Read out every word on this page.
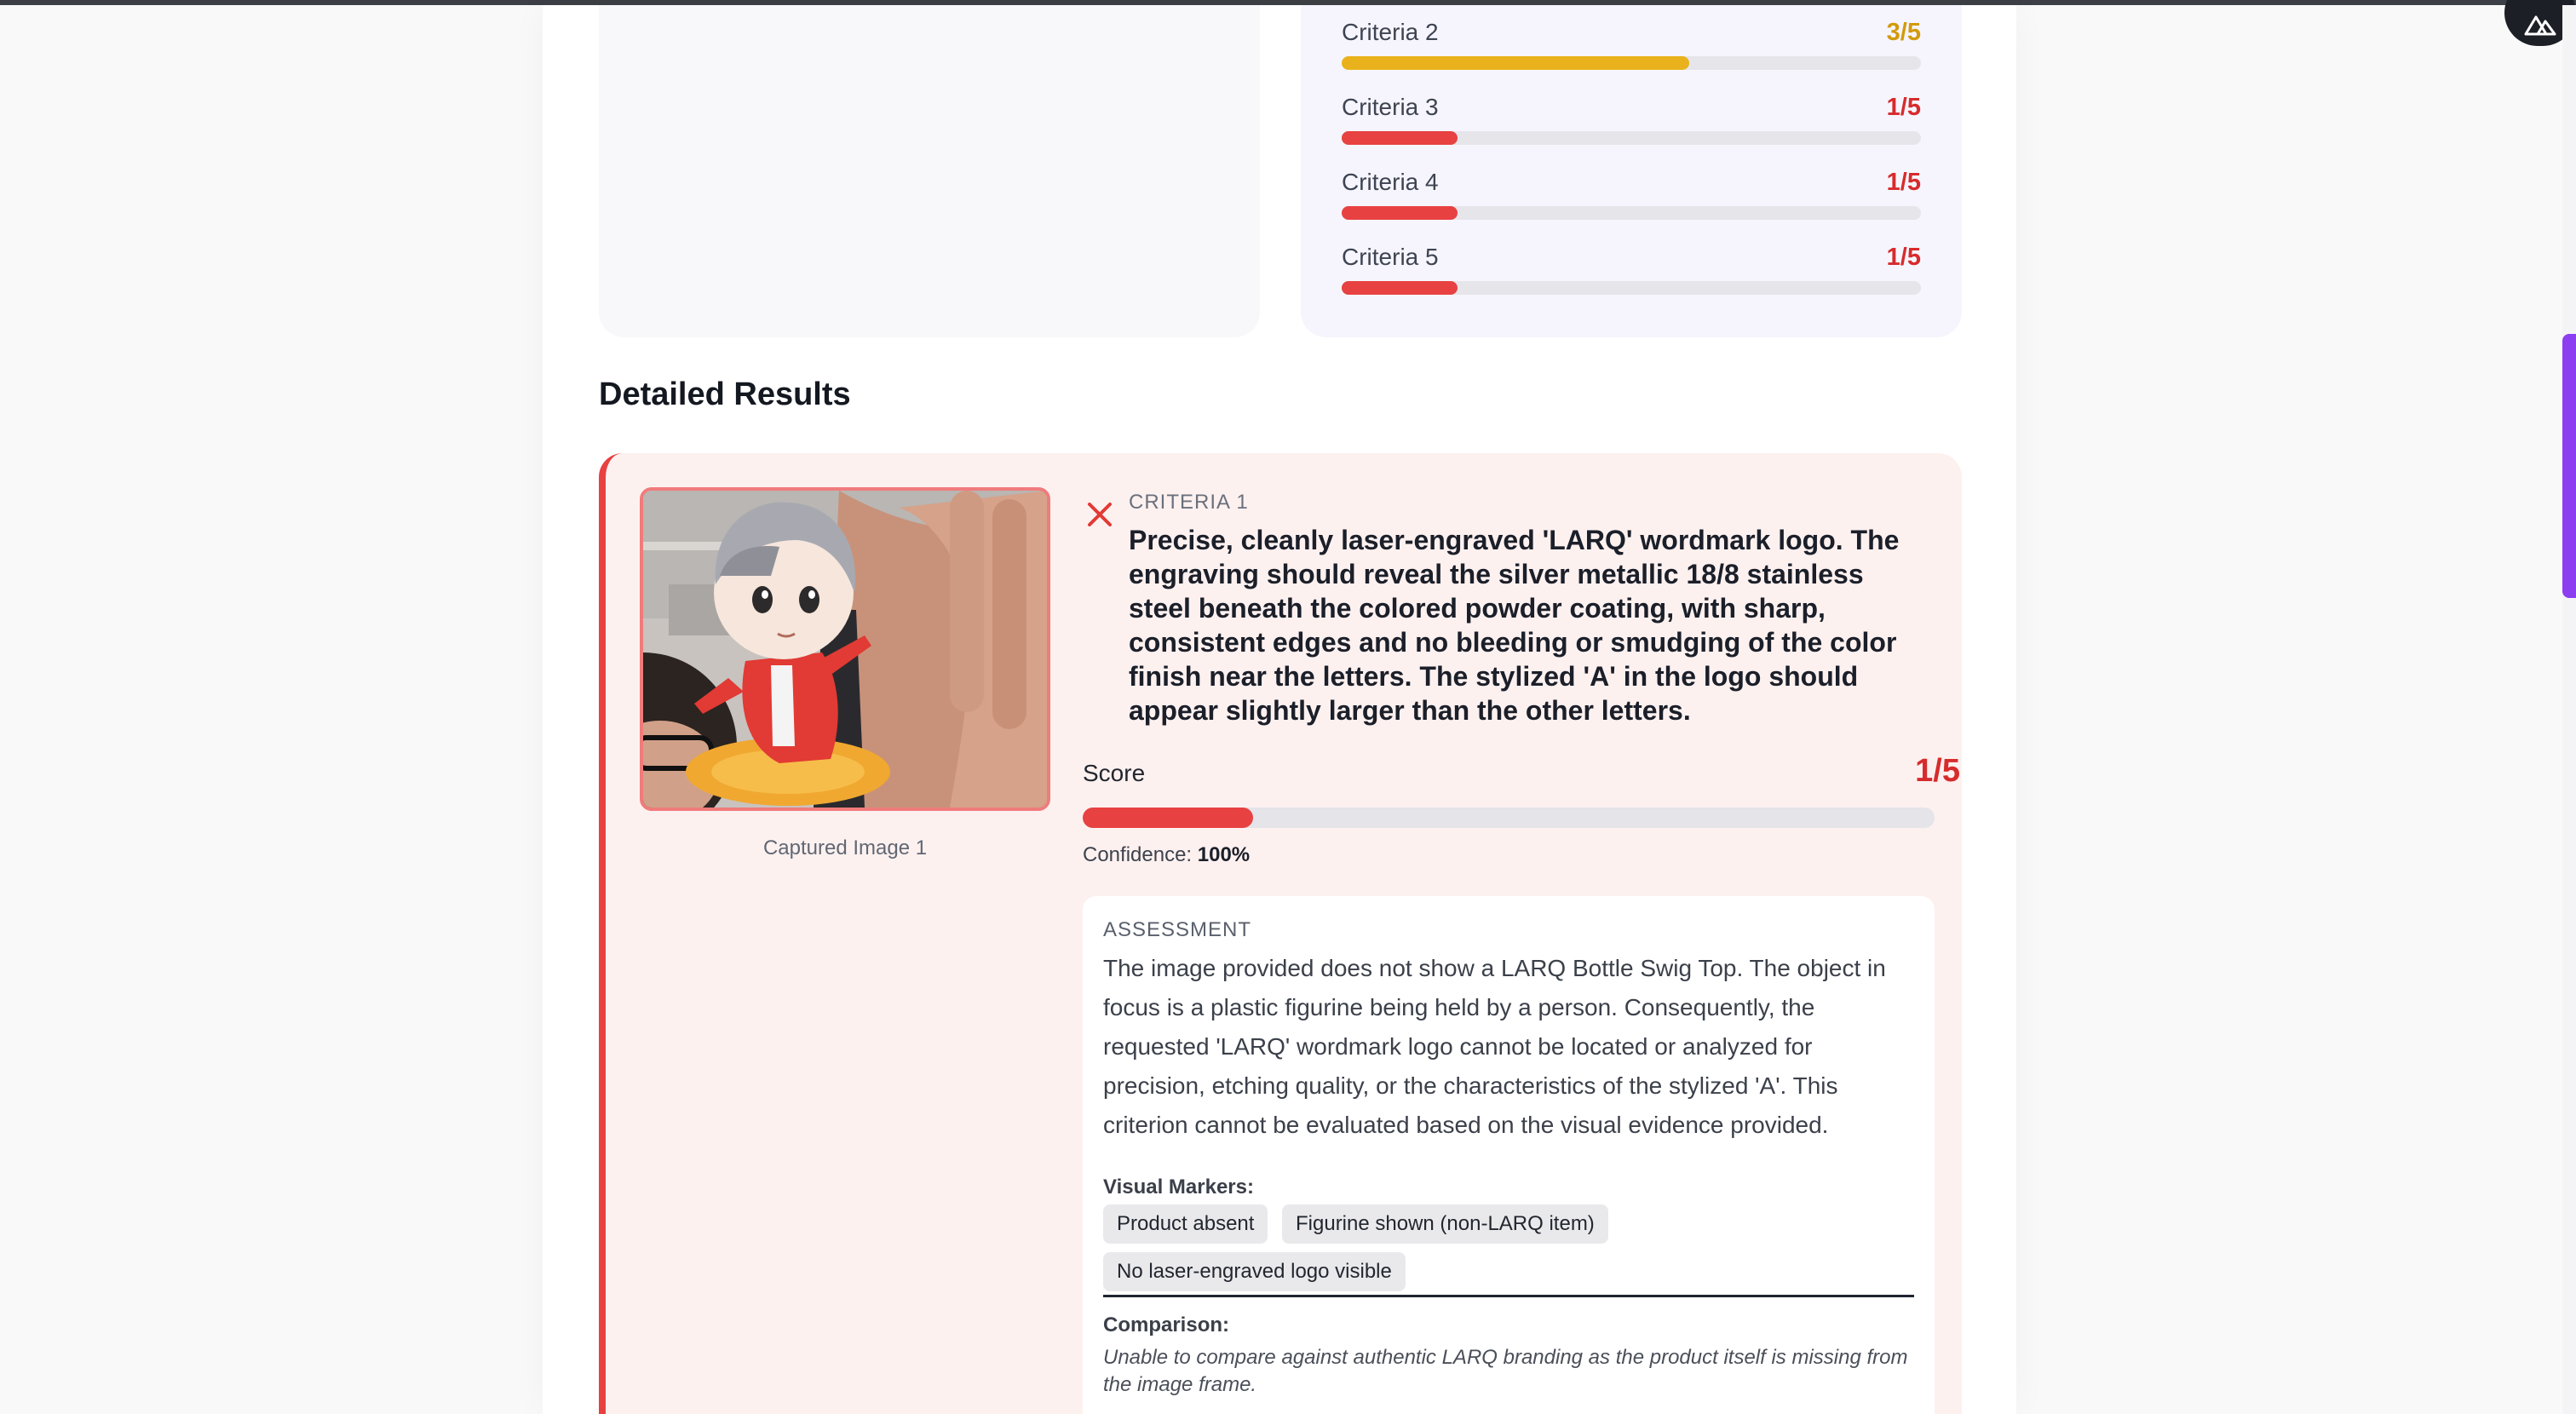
Criteria 2	3/5
Criteria 3	1/5
Criteria 4	1/5
Criteria 5	1/5
Detailed Results
Captured Image 1
CRITERIA 1

Precise, cleanly laser-engraved 'LARQ' wordmark logo. The engraving should reveal the silver metallic 18/8 stainless steel beneath the colored powder coating, with sharp, consistent edges and no bleeding or smudging of the color finish near the letters. The stylized 'A' in the logo should appear slightly larger than the other letters.

Score	1/5
Confidence: 100%
ASSESSMENT

The image provided does not show a LARQ Bottle Swig Top. The object in focus is a plastic figurine being held by a person. Consequently, the requested 'LARQ' wordmark logo cannot be located or analyzed for precision, etching quality, or the characteristics of the stylized 'A'. This criterion cannot be evaluated based on the visual evidence provided.

Visual Markers:
Product absent	Figurine shown (non-LARQ item)
No laser-engraved logo visible
Comparison:

Unable to compare against authentic LARQ branding as the product itself is missing from the image frame.
